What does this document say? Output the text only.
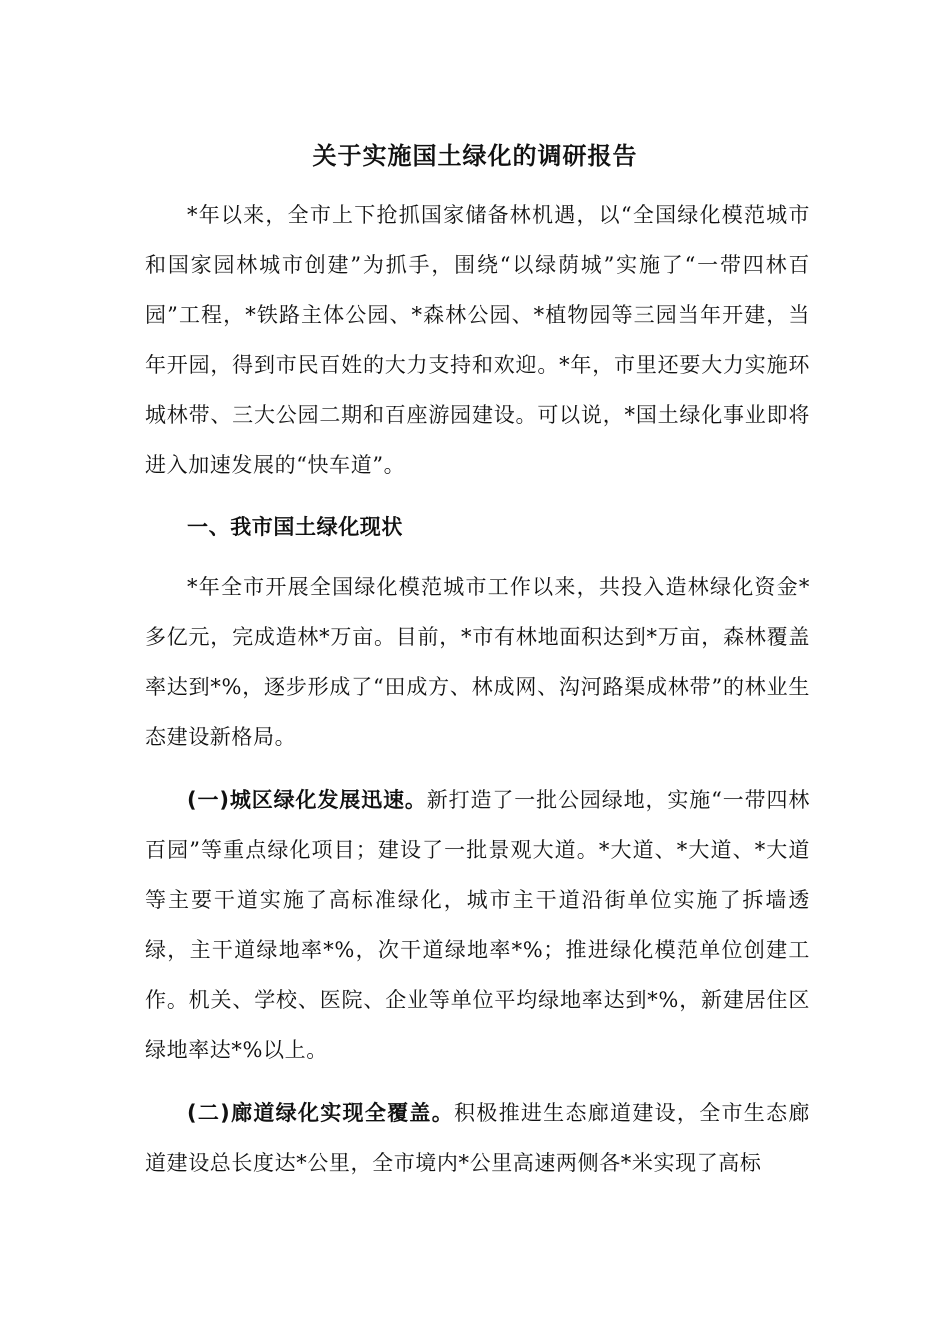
关于实施国土绿化的调研报告
*年以来，全市上下抢抓国家储备林机遇，以“全国绿化模范城市和国家园林城市创建”为抓手，围绕“以绿荫城”实施了“一带四林百园”工程，*铁路主体公园、*森林公园、*植物园等三园当年开建，当年开园，得到市民百姓的大力支持和欢迎。*年，市里还要大力实施环城林带、三大公园二期和百座游园建设。可以说，*国土绿化事业即将进入加速发展的“快车道”。
一、我市国土绿化现状
*年全市开展全国绿化模范城市工作以来，共投入造林绿化资金*多亿元，完成造林*万亩。目前，*市有林地面积达到*万亩，森林覆盖率达到*%，逐步形成了“田成方、林成网、沟河路渠成林带”的林业生态建设新格局。
(一)城区绿化发展迅速。新打造了一批公园绿地，实施“一带四林百园”等重点绿化项目；建设了一批景观大道。*大道、*大道、*大道等主要干道实施了高标准绿化，城市主干道沿街单位实施了拆墙透绿，主干道绿地率*%，次干道绿地率*%；推进绿化模范单位创建工作。机关、学校、医院、企业等单位平均绿地率达到*%，新建居住区绿地率达*%以上。
(二)廊道绿化实现全覆盖。积极推进生态廊道建设，全市生态廊道建设总长度达*公里，全市境内*公里高速两侧各*米实现了高标
